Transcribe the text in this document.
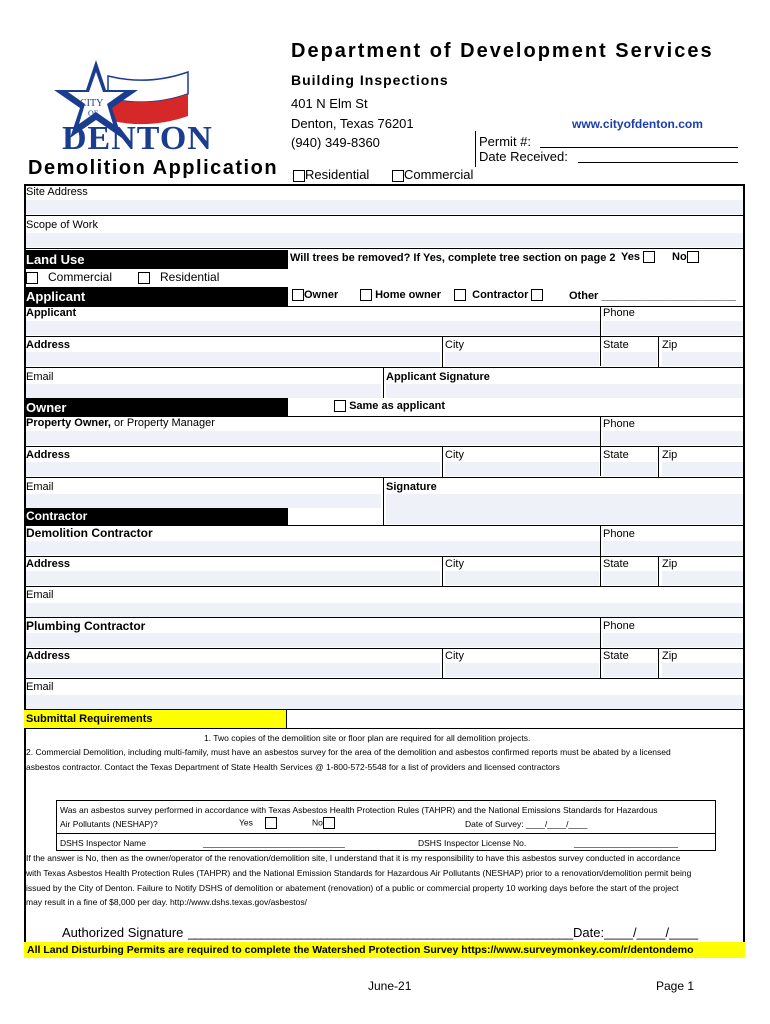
CITY
OF
DENTON
Department of Development Services
Building Inspections
401 N Elm St
Denton, Texas 76201
(940) 349-8360
www.cityofdenton.com
Permit #:
Date Received:
Demolition Application	Residential	Commercial
Site Address
Scope of Work
Land Use	Will trees be removed? If Yes, complete tree section on page 2 Yes	No
Commercial	Residential
Applicant	Owner	Home owner	Contractor	Other ______________________
Applicant	Phone
Address	City	State	Zip
Email	Applicant Signature
Owner	Same as applicant
Property Owner, or Property Manager	Phone
Address	City	State	Zip
Email	Signature
Contractor
Demolition Contractor	Phone
Address	City	State	Zip
Email
Plumbing Contractor	Phone
Address	City	State	Zip
Email
Submittal Requirements
1. Two copies of the demolition site or floor plan are required for all demolition projects.
2. Commercial Demolition, including multi-family, must have an asbestos survey for the area of the demolition and asbestos confirmed reports must be abated by a licensed
asbestos contractor. Contact the Texas Department of State Health Services @ 1-800-572-5548 for a list of providers and licensed contractors
Was an asbestos survey performed in accordance with Texas Asbestos Health Protection Rules (TAHPR) and the National Emissions Standards for Hazardous
Air Pollutants (NESHAP)?	Yes	No	Date of Survey: ____/____/____
DSHS Inspector Name	______________________________	DSHS Inspector License No.	______________________
If the answer is No, then as the owner/operator of the renovation/demolition site, I understand that it is my responsibility to have this asbestos survey conducted in accordance
with Texas Asbestos Health Protection Rules (TAHPR) and the National Emission Standards for Hazardous Air Pollutants (NESHAP) prior to a renovation/demolition permit being
issued by the City of Denton. Failure to Notify DSHS of demolition or abatement (renovation) of a public or commercial property 10 working days before the start of the project
may result in a fine of $8,000 per day. http://www.dshs.texas.gov/asbestos/
Authorized Signature __________________________________________________________ Date:____/____/____
All Land Disturbing Permits are required to complete the Watershed Protection Survey https://www.surveymonkey.com/r/dentondemo
June-21	Page 1
